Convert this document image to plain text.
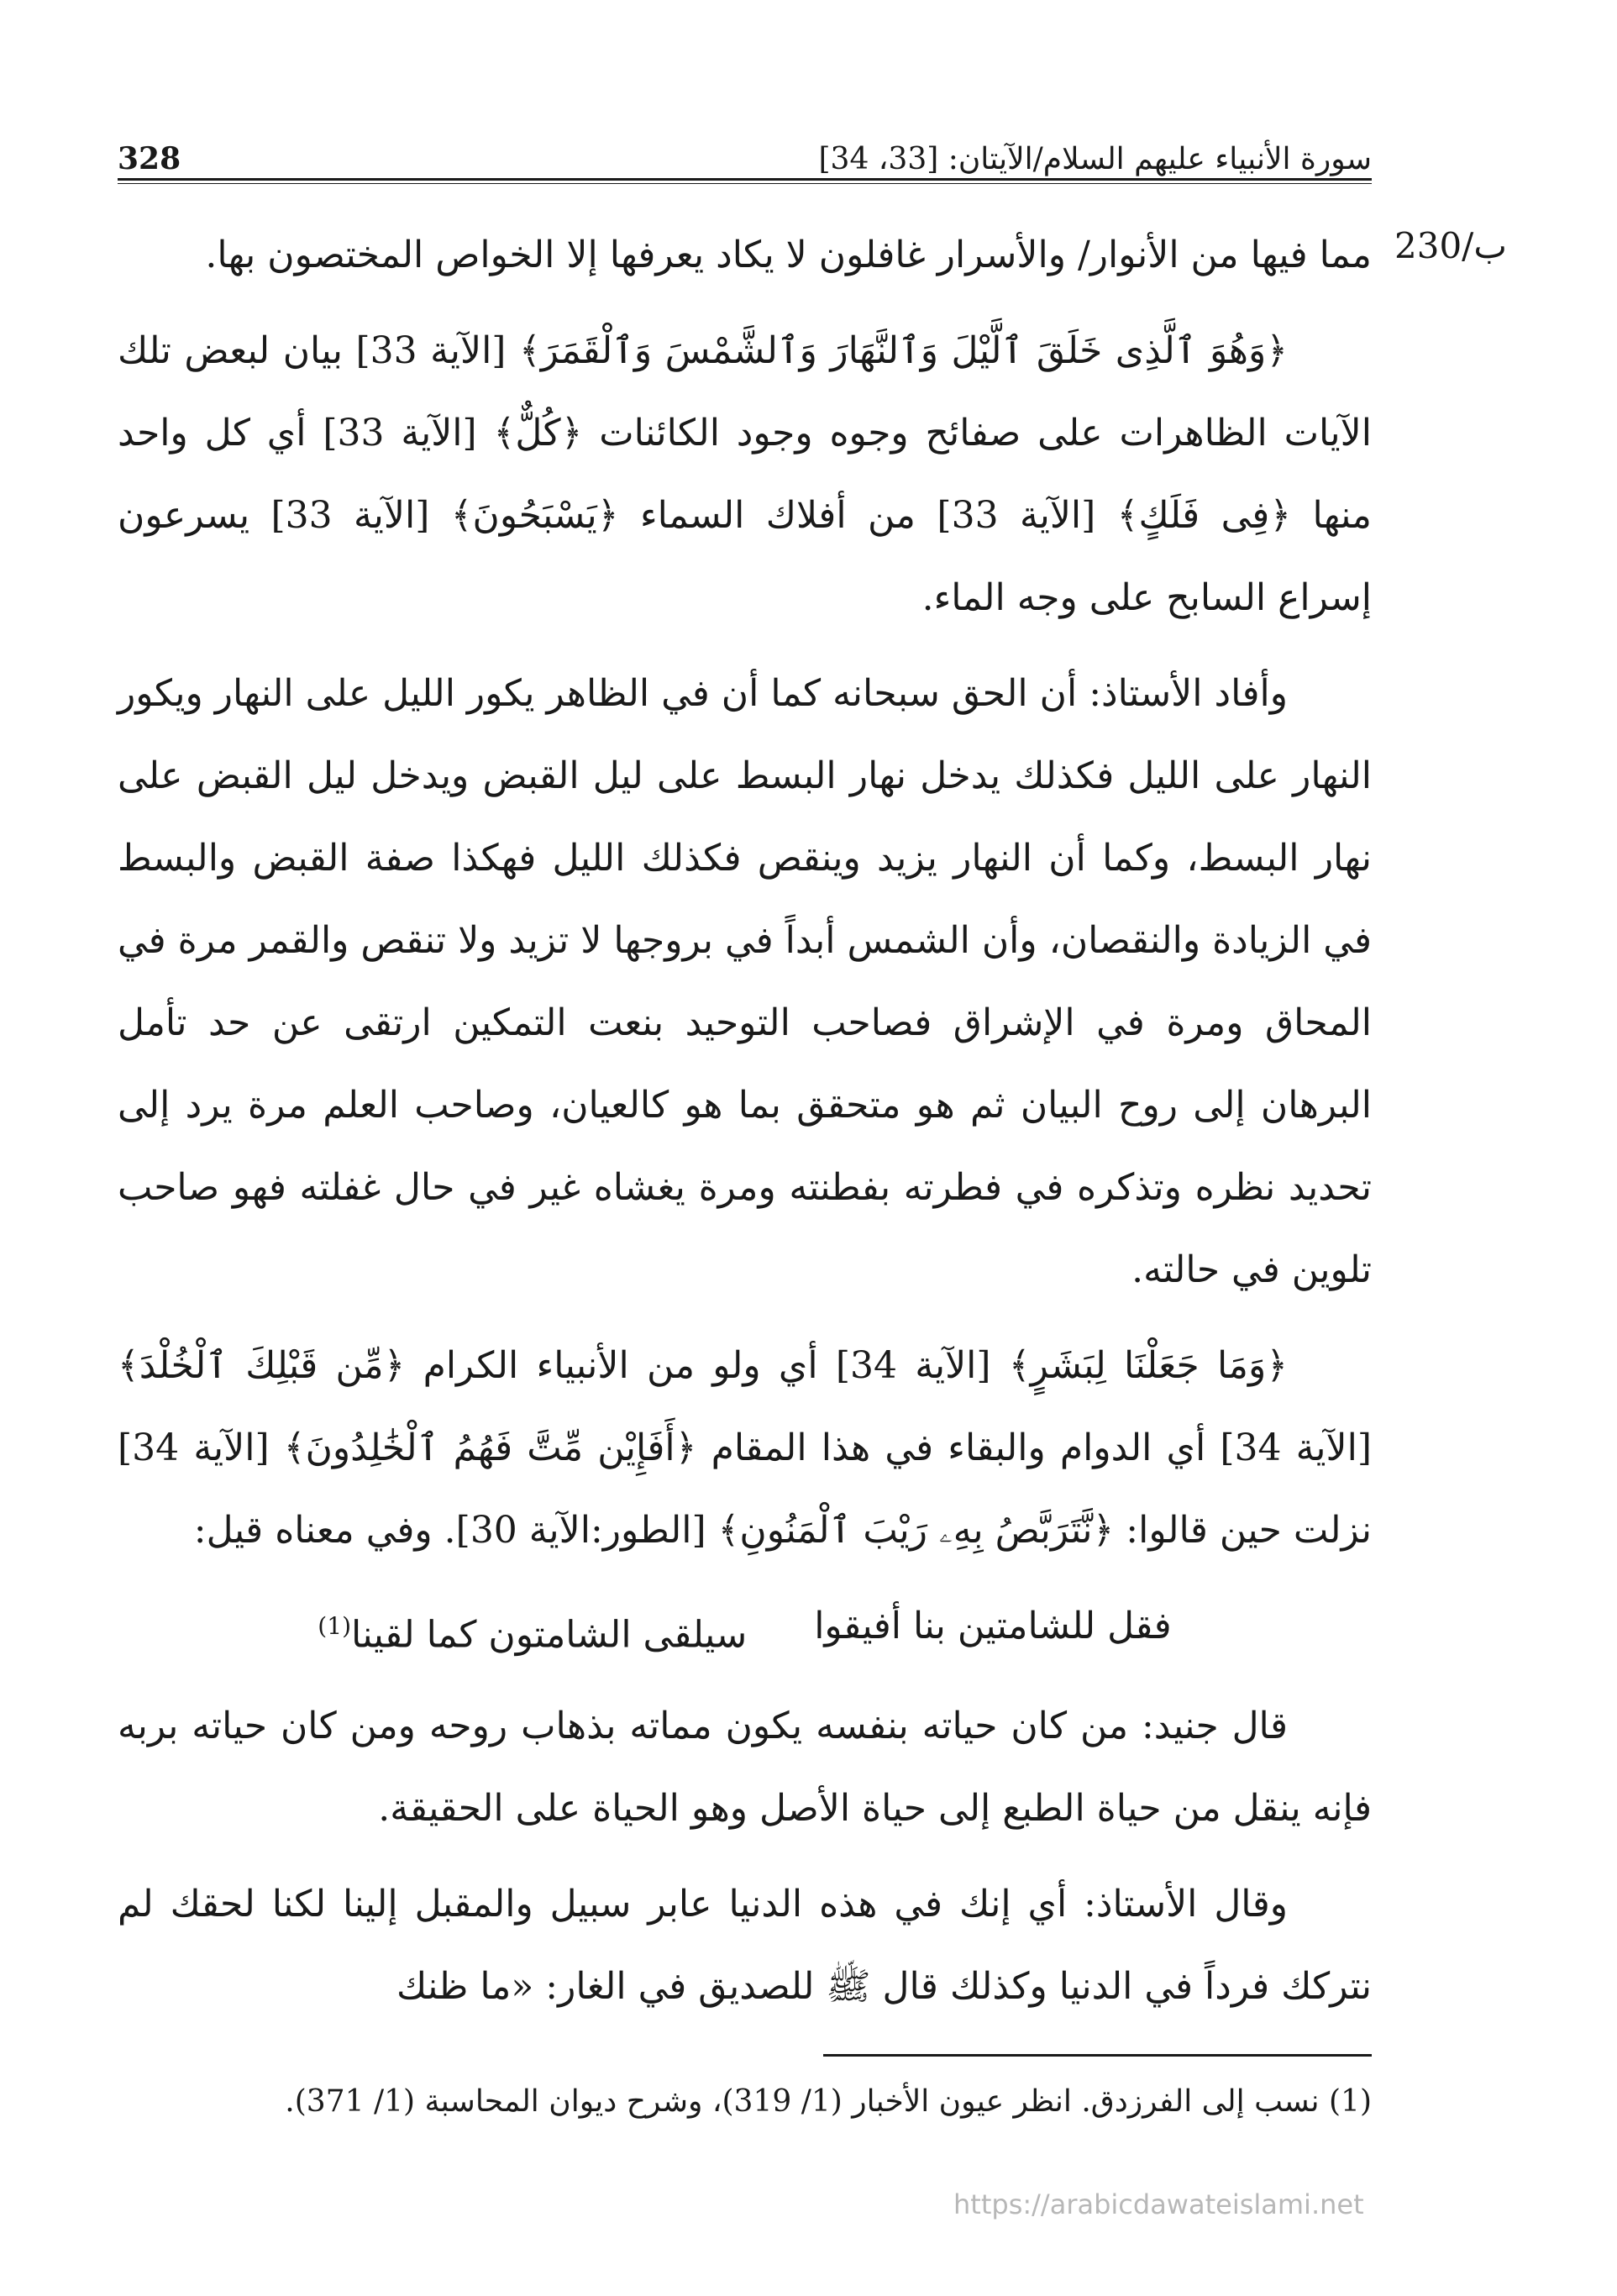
328	سورة الأنبياء عليهم السلام/الآيتان: [33، 34]
230/ب

مما فيها من الأنوار/ والأسرار غافلون لا يكاد يعرفها إلا الخواص المختصون بها.

﴿وَهُوَ ٱلَّذِى خَلَقَ ٱلَّيْلَ وَٱلنَّهَارَ وَٱلشَّمْسَ وَٱلْقَمَرَ﴾ [الآية 33] بيان لبعض تلك الآيات الظاهرات على صفائح وجوه وجود الكائنات ﴿كُلٌّ﴾ [الآية 33] أي كل واحد منها ﴿فِى فَلَكٍ﴾ [الآية 33] من أفلاك السماء ﴿يَسْبَحُونَ﴾ [الآية 33] يسرعون إسراع السابح على وجه الماء.

وأفاد الأستاذ: أن الحق سبحانه كما أن في الظاهر يكور الليل على النهار ويكور النهار على الليل فكذلك يدخل نهار البسط على ليل القبض ويدخل ليل القبض على نهار البسط، وكما أن النهار يزيد وينقص فكذلك الليل فهكذا صفة القبض والبسط في الزيادة والنقصان، وأن الشمس أبداً في بروجها لا تزيد ولا تنقص والقمر مرة في المحاق ومرة في الإشراق فصاحب التوحيد بنعت التمكين ارتقى عن حد تأمل البرهان إلى روح البيان ثم هو متحقق بما هو كالعيان، وصاحب العلم مرة يرد إلى تحديد نظره وتذكره في فطرته بفطنته ومرة يغشاه غير في حال غفلته فهو صاحب تلوين في حالته.

﴿وَمَا جَعَلْنَا لِبَشَرٍ﴾ [الآية 34] أي ولو من الأنبياء الكرام ﴿مِّن قَبْلِكَ ٱلْخُلْدَ﴾ [الآية 34] أي الدوام والبقاء في هذا المقام ﴿أَفَإِيْن مِّتَّ فَهُمُ ٱلْخَٰلِدُونَ﴾ [الآية 34] نزلت حين قالوا: ﴿نَّتَرَبَّصُ بِهِۦ رَيْبَ ٱلْمَنُونِ﴾ [الطور:الآية 30]. وفي معناه قيل:

فقل للشامتين بنا أفيقوا
سيلقى الشامتون كما لقينا$^{(1)}$

قال جنيد: من كان حياته بنفسه يكون مماته بذهاب روحه ومن كان حياته بربه فإنه ينقل من حياة الطبع إلى حياة الأصل وهو الحياة على الحقيقة.

وقال الأستاذ: أي إنك في هذه الدنيا عابر سبيل والمقبل إلينا لكنا لحقك لم نتركك فرداً في الدنيا وكذلك قال ﷺ للصديق في الغار: «ما ظنك

(1) نسب إلى الفرزدق. انظر عيون الأخبار (1/ 319)، وشرح ديوان المحاسبة (1/ 371).
https://arabicdawateislami.net
